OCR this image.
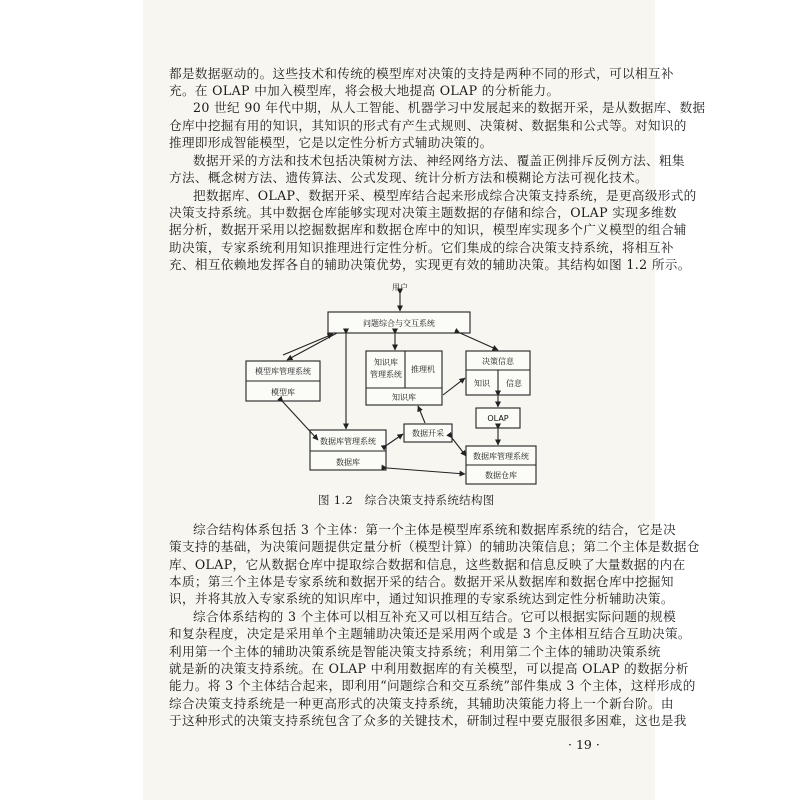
都是数据驱动的。这些技术和传统的模型库对决策的支持是两种不同的形式，可以相互补
充。在 OLAP 中加入模型库，将会极大地提高 OLAP 的分析能力。
20 世纪 90 年代中期，从人工智能、机器学习中发展起来的数据开采，是从数据库、数据
仓库中挖掘有用的知识，其知识的形式有产生式规则、决策树、数据集和公式等。对知识的
推理即形成智能模型，它是以定性分析方式辅助决策的。
数据开采的方法和技术包括决策树方法、神经网络方法、覆盖正例排斥反例方法、粗集
方法、概念树方法、遗传算法、公式发现、统计分析方法和模糊论方法可视化技术。
把数据库、OLAP、数据开采、模型库结合起来形成综合决策支持系统，是更高级形式的
决策支持系统。其中数据仓库能够实现对决策主题数据的存储和综合，OLAP 实现多维数
据分析，数据开采用以挖掘数据库和数据仓库中的知识，模型库实现多个广义模型的组合辅
助决策，专家系统利用知识推理进行定性分析。它们集成的综合决策支持系统，将相互补
充、相互依赖地发挥各自的辅助决策优势，实现更有效的辅助决策。其结构如图 1.2 所示。
用户
问题综合与交互系统
模型库管理系统
模型库
知识库
管理系统
推理机
知识库
决策信息
知识 信息
OLAP
数据库管理系统
数据库
数据开采
数据库管理系统
数据仓库
图 1.2　综合决策支持系统结构图
综合结构体系包括 3 个主体：第一个主体是模型库系统和数据库系统的结合，它是决
策支持的基础，为决策问题提供定量分析（模型计算）的辅助决策信息；第二个主体是数据仓
库、OLAP，它从数据仓库中提取综合数据和信息，这些数据和信息反映了大量数据的内在
本质；第三个主体是专家系统和数据开采的结合。数据开采从数据库和数据仓库中挖掘知
识，并将其放入专家系统的知识库中，通过知识推理的专家系统达到定性分析辅助决策。
综合体系结构的 3 个主体可以相互补充又可以相互结合。它可以根据实际问题的规模
和复杂程度，决定是采用单个主题辅助决策还是采用两个或是 3 个主体相互结合互助决策。
利用第一个主体的辅助决策系统是智能决策支持系统；利用第二个主体的辅助决策系统
就是新的决策支持系统。在 OLAP 中利用数据库的有关模型，可以提高 OLAP 的数据分析
能力。将 3 个主体结合起来，即利用“问题综合和交互系统”部件集成 3 个主体，这样形成的
综合决策支持系统是一种更高形式的决策支持系统，其辅助决策能力将上一个新台阶。由
于这种形式的决策支持系统包含了众多的关键技术，研制过程中要克服很多困难，这也是我
· 19 ·
